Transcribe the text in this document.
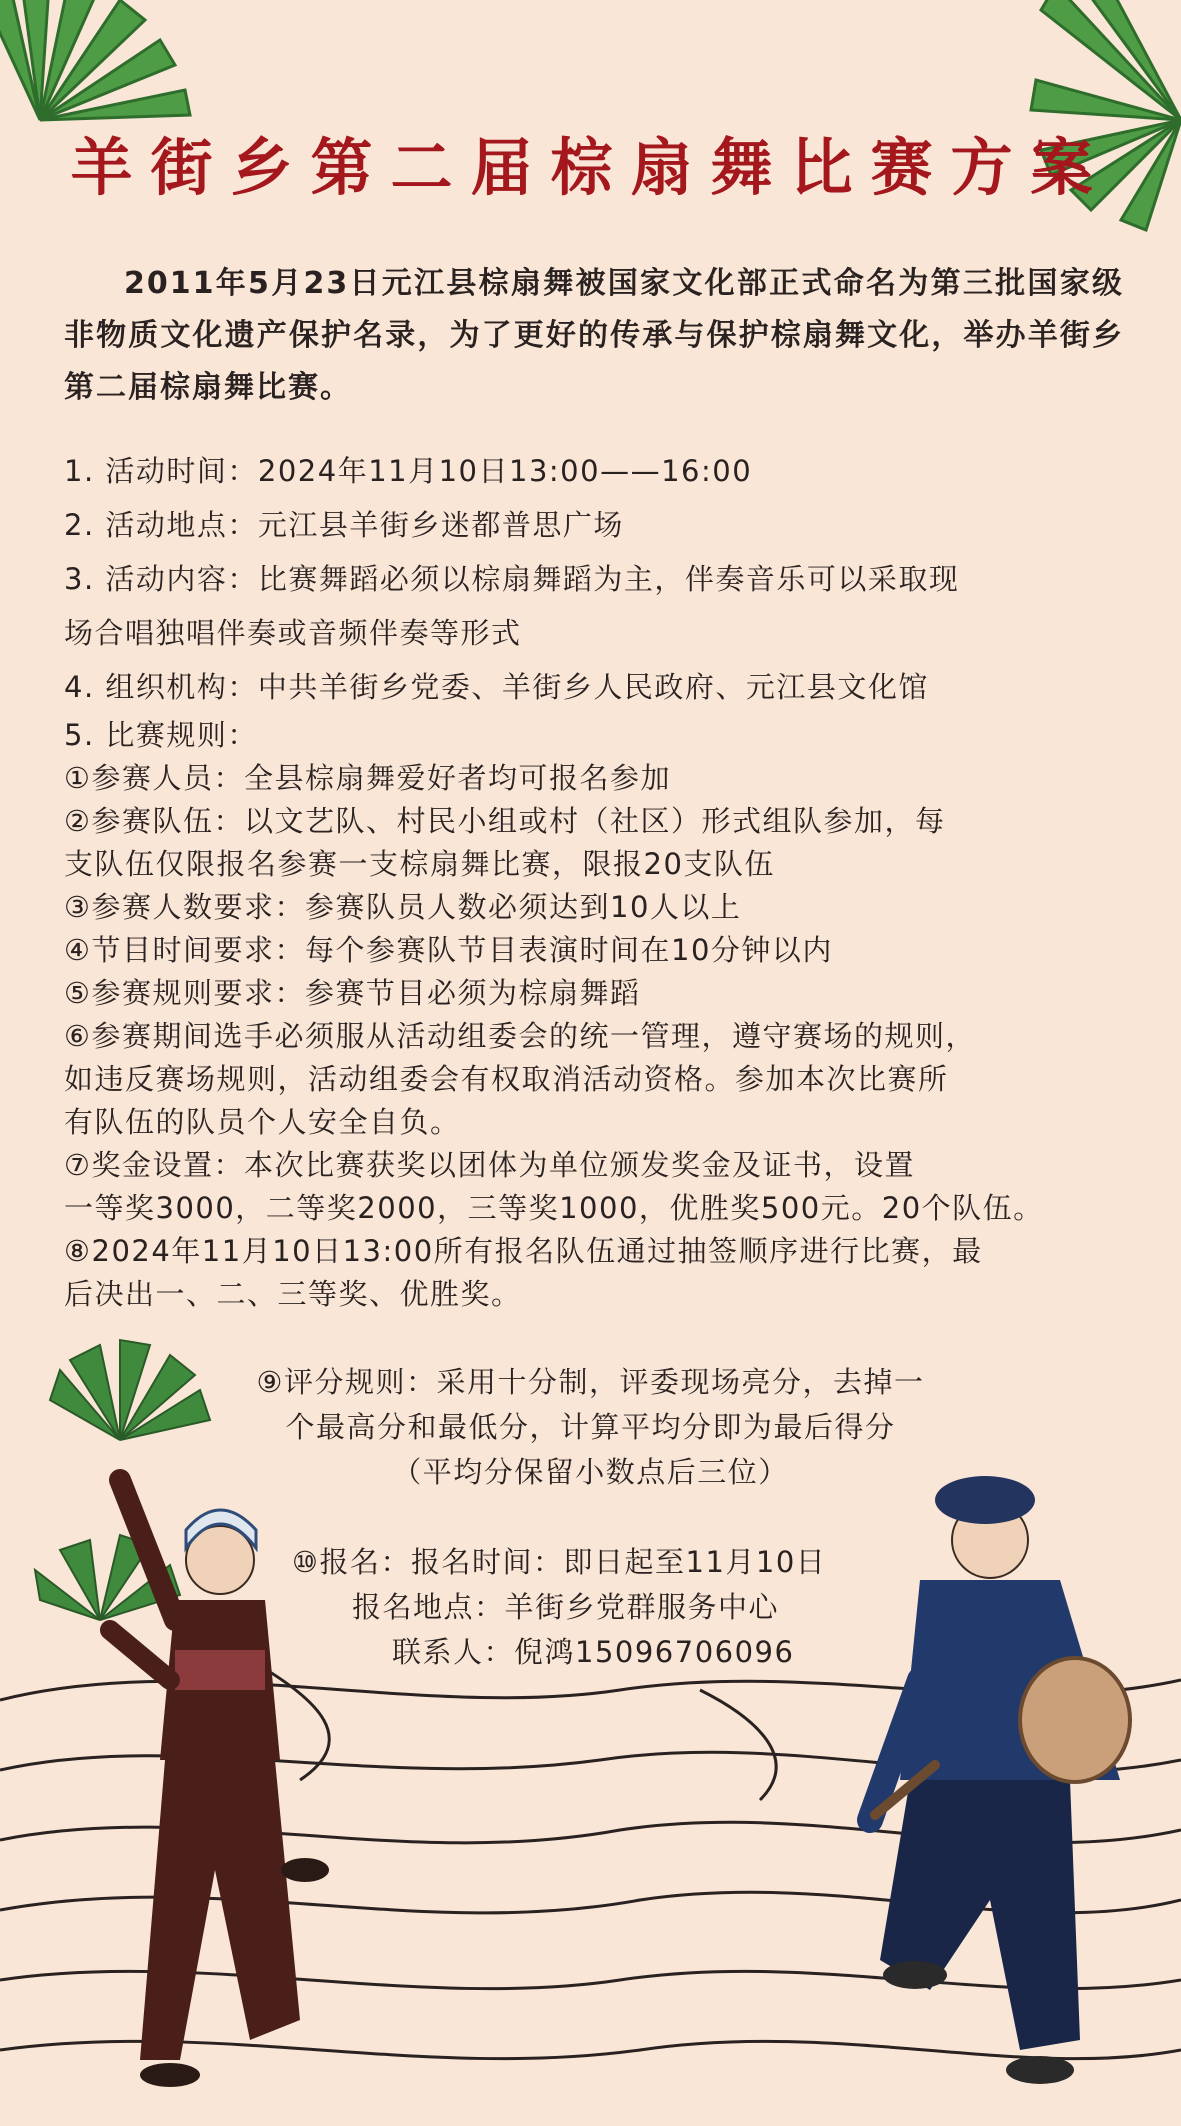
羊街乡第二届棕扇舞比赛方案

2011年5月23日元江县棕扇舞被国家文化部正式命名为第三批国家级非物质文化遗产保护名录，为了更好的传承与保护棕扇舞文化，举办羊街乡第二届棕扇舞比赛。

1. 活动时间：2024年11月10日13:00——16:00

2. 活动地点：元江县羊街乡迷都普思广场

3. 活动内容：比赛舞蹈必须以棕扇舞蹈为主，伴奏音乐可以采取现

场合唱独唱伴奏或音频伴奏等形式

4. 组织机构：中共羊街乡党委、羊街乡人民政府、元江县文化馆

5. 比赛规则：

①参赛人员：全县棕扇舞爱好者均可报名参加

②参赛队伍：以文艺队、村民小组或村（社区）形式组队参加，每

支队伍仅限报名参赛一支棕扇舞比赛，限报20支队伍

③参赛人数要求：参赛队员人数必须达到10人以上

④节目时间要求：每个参赛队节目表演时间在10分钟以内

⑤参赛规则要求：参赛节目必须为棕扇舞蹈

⑥参赛期间选手必须服从活动组委会的统一管理，遵守赛场的规则，

如违反赛场规则，活动组委会有权取消活动资格。参加本次比赛所

有队伍的队员个人安全自负。

⑦奖金设置：本次比赛获奖以团体为单位颁发奖金及证书，设置

一等奖3000，二等奖2000，三等奖1000，优胜奖500元。20个队伍。

⑧2024年11月10日13:00所有报名队伍通过抽签顺序进行比赛，最

后决出一、二、三等奖、优胜奖。

⑨评分规则：采用十分制，评委现场亮分，去掉一

个最高分和最低分，计算平均分即为最后得分

（平均分保留小数点后三位）

⑩报名：报名时间：即日起至11月10日

报名地点：羊街乡党群服务中心

联系人：倪鸿15096706096
